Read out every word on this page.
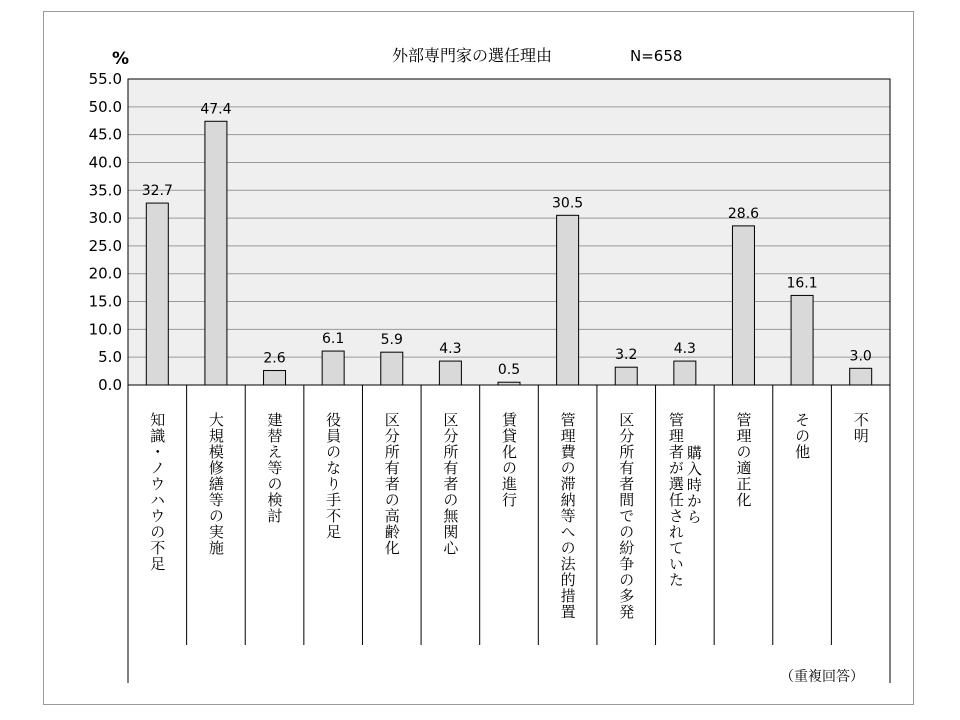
%	外部専門家の選任理由	N=658
0.0
5.0
10.0
15.0
20.0
25.0
30.0
35.0
40.0
45.0
50.0
55.0
32.7
知識・ノウハウの不足
47.4
大規模修繕等の実施
2.6
建替え等の検討
6.1
役員のなり手不足
5.9
区分所有者の高齢化
4.3
区分所有者の無関心
0.5
賃貸化の進行
30.5
管理費の滞納等への法的措置
3.2
区分所有者間での紛争の多発
4.3
購入時から
管理者が選任されていた
28.6
管理の適正化
16.1
その他
3.0
不明
（重複回答）
